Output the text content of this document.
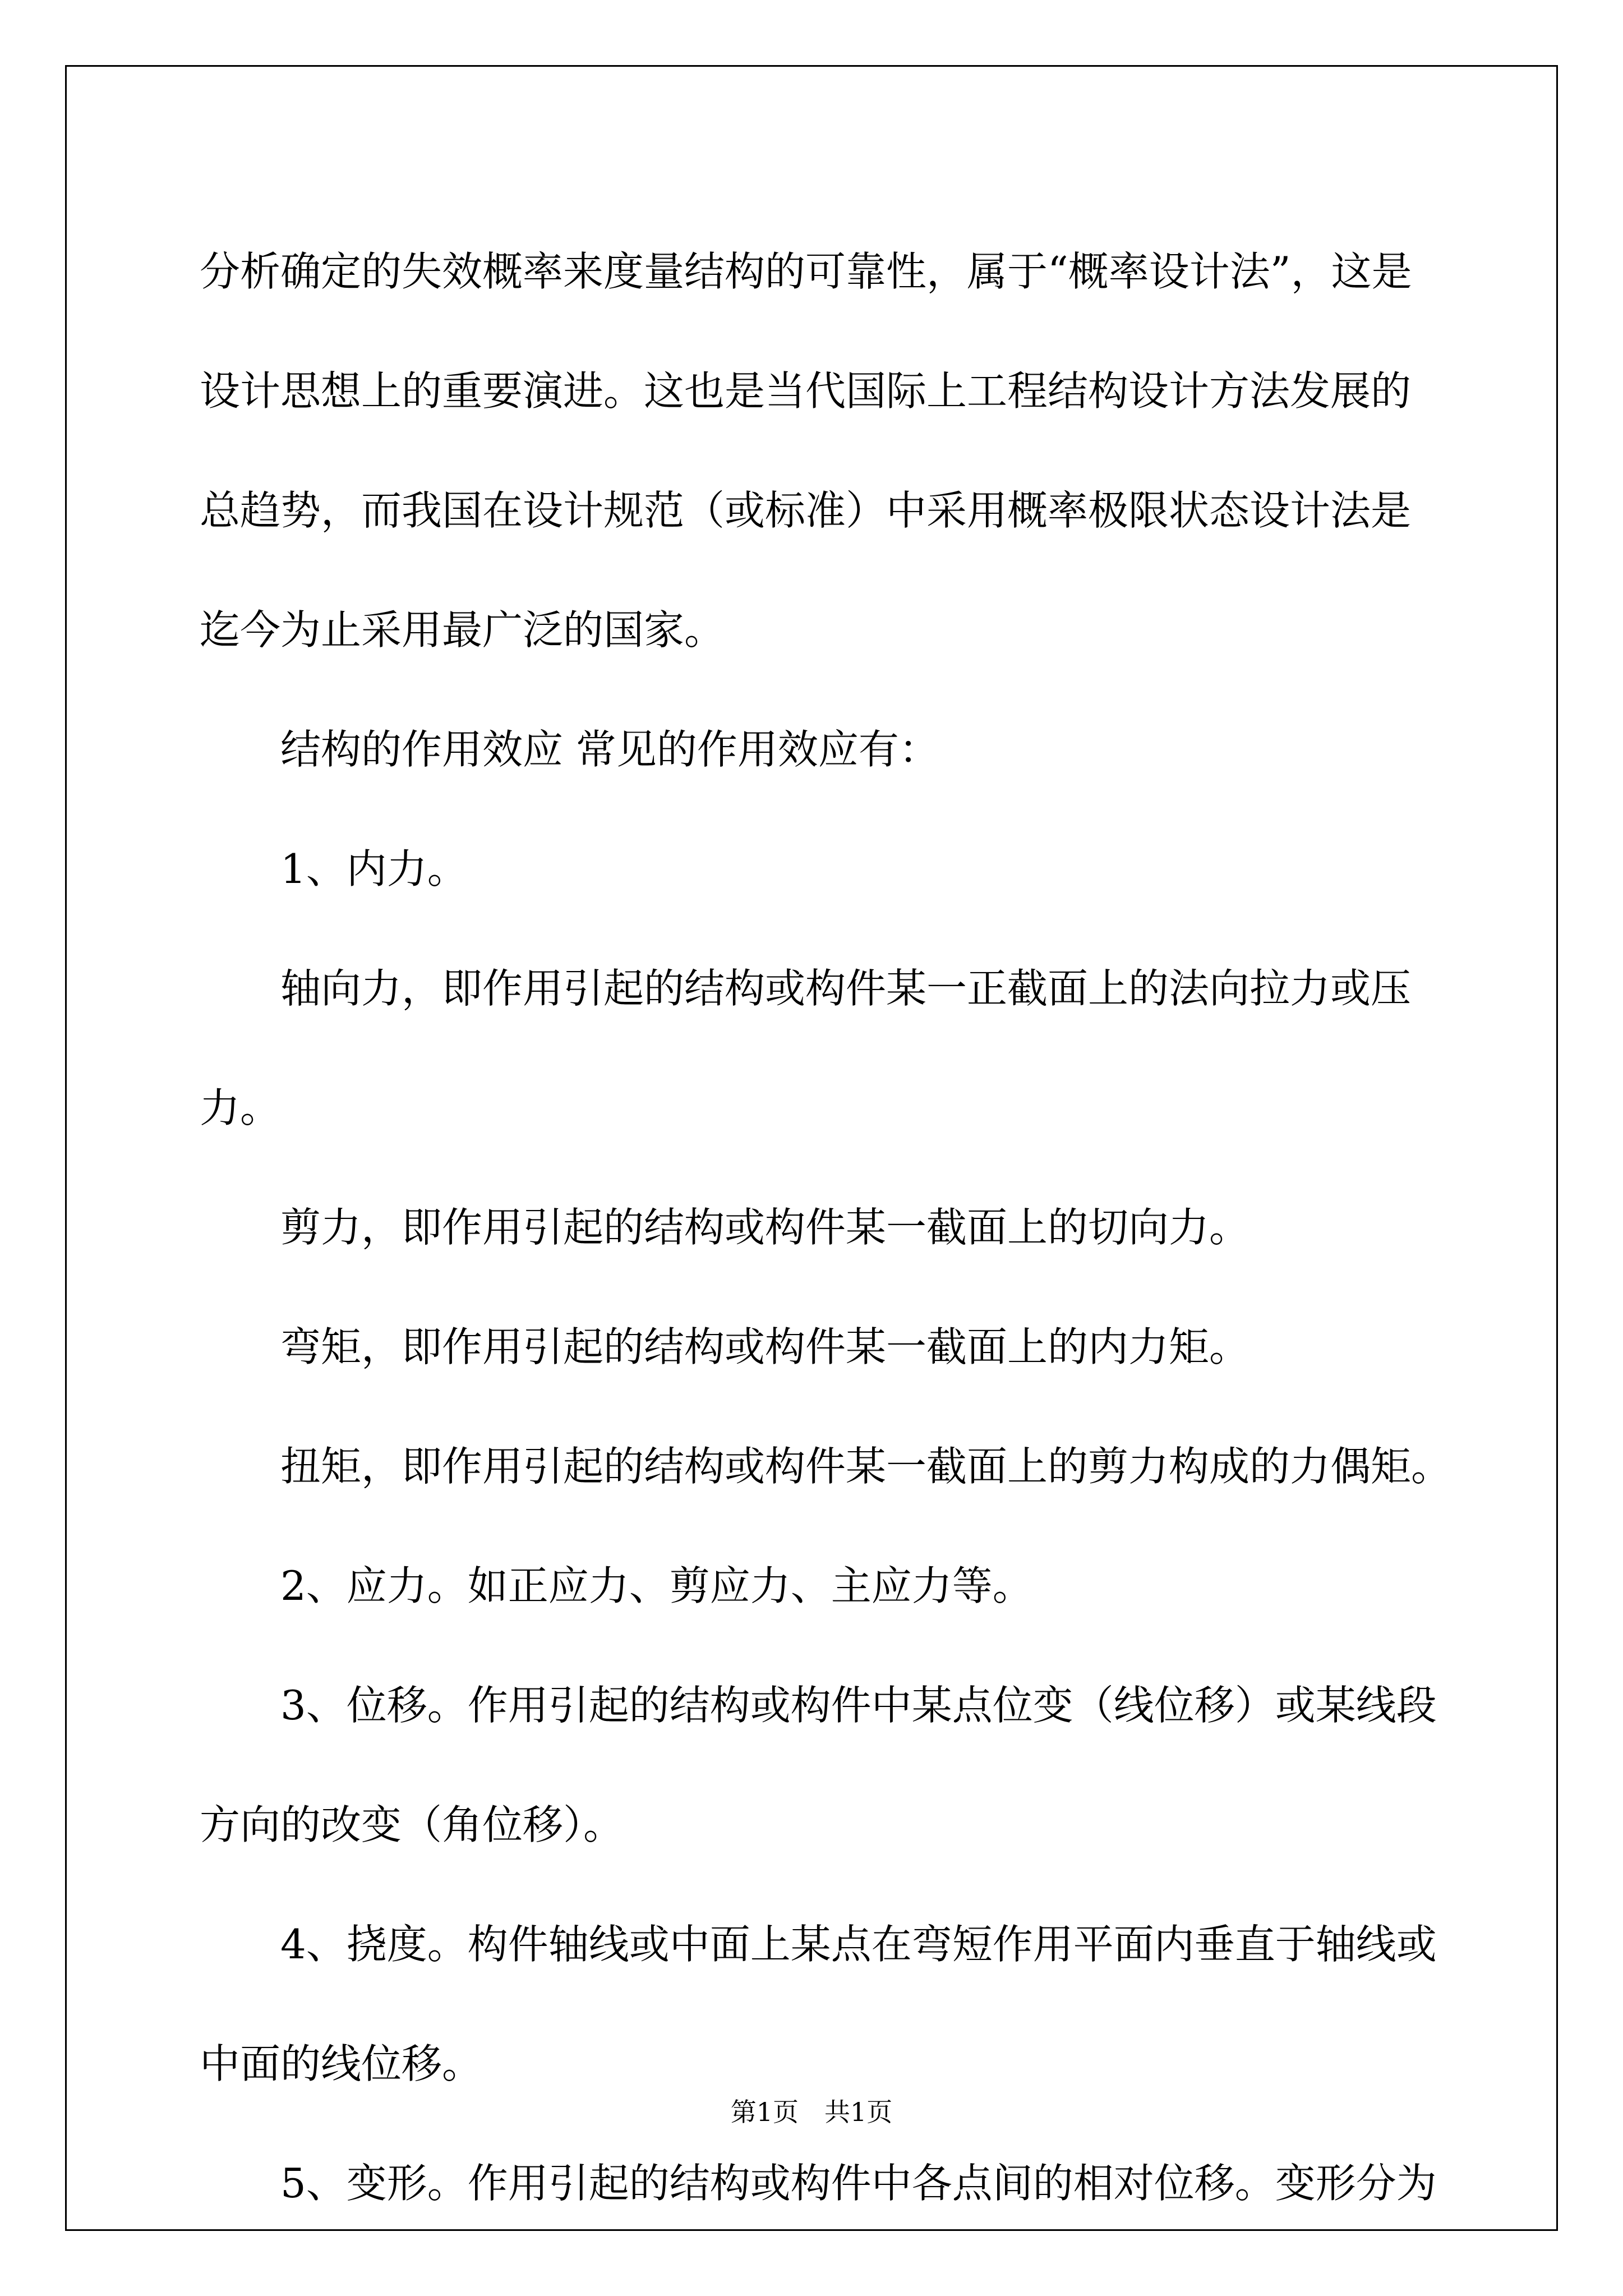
分析确定的失效概率来度量结构的可靠性，属于“概率设计法”，这是
设计思想上的重要演进。这也是当代国际上工程结构设计方法发展的
总趋势，而我国在设计规范（或标准）中采用概率极限状态设计法是
迄今为止采用最广泛的国家。

结构的作用效应 常见的作用效应有：

1、内力。

轴向力，即作用引起的结构或构件某一正截面上的法向拉力或压
力。

剪力，即作用引起的结构或构件某一截面上的切向力。

弯矩，即作用引起的结构或构件某一截面上的内力矩。

扭矩，即作用引起的结构或构件某一截面上的剪力构成的力偶矩。

2、应力。如正应力、剪应力、主应力等。

3、位移。作用引起的结构或构件中某点位变（线位移）或某线段
方向的改变（角位移）。

4、挠度。构件轴线或中面上某点在弯短作用平面内垂直于轴线或
中面的线位移。

5、变形。作用引起的结构或构件中各点间的相对位移。变形分为

第1页 共1页
